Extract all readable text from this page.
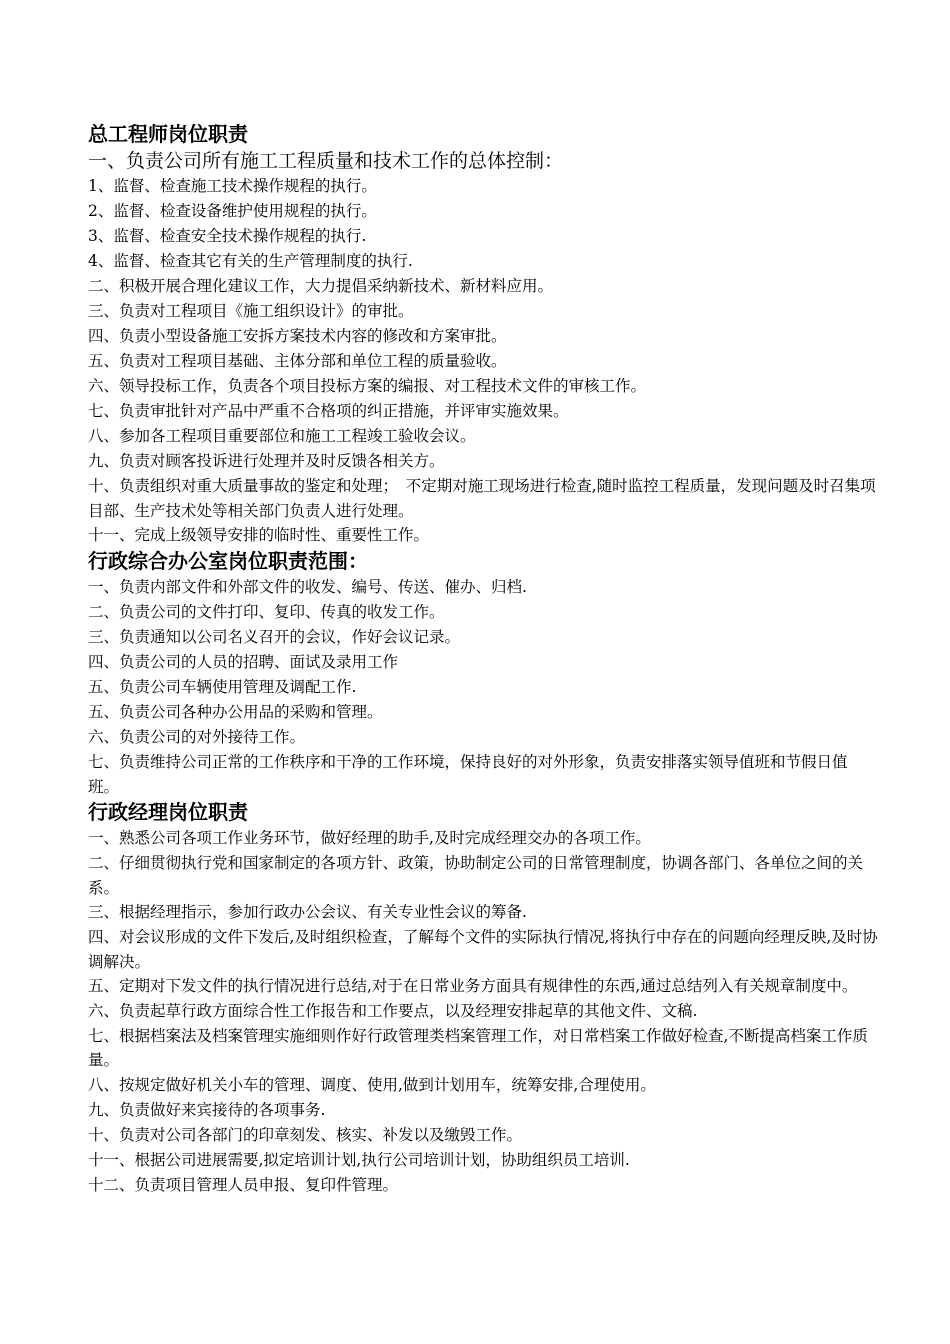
总工程师岗位职责

一、负责公司所有施工工程质量和技术工作的总体控制：

1、监督、检查施工技术操作规程的执行。

2、监督、检查设备维护使用规程的执行。

3、监督、检查安全技术操作规程的执行.

4、监督、检查其它有关的生产管理制度的执行.

二、积极开展合理化建议工作，大力提倡采纳新技术、新材料应用。

三、负责对工程项目《施工组织设计》的审批。

四、负责小型设备施工安拆方案技术内容的修改和方案审批。

五、负责对工程项目基础、主体分部和单位工程的质量验收。

六、领导投标工作，负责各个项目投标方案的编报、对工程技术文件的审核工作。

七、负责审批针对产品中严重不合格项的纠正措施，并评审实施效果。

八、参加各工程项目重要部位和施工工程竣工验收会议。

九、负责对顾客投诉进行处理并及时反馈各相关方。

十、负责组织对重大质量事故的鉴定和处理；　不定期对施工现场进行检查,随时监控工程质量，发现问题及时召集项目部、生产技术处等相关部门负责人进行处理。

十一、完成上级领导安排的临时性、重要性工作。

行政综合办公室岗位职责范围：

一、负责内部文件和外部文件的收发、编号、传送、催办、归档.

二、负责公司的文件打印、复印、传真的收发工作。

三、负责通知以公司名义召开的会议，作好会议记录。

四、负责公司的人员的招聘、面试及录用工作

五、负责公司车辆使用管理及调配工作.

五、负责公司各种办公用品的采购和管理。

六、负责公司的对外接待工作。

七、负责维持公司正常的工作秩序和干净的工作环境，保持良好的对外形象，负责安排落实领导值班和节假日值班。

行政经理岗位职责

一、熟悉公司各项工作业务环节，做好经理的助手,及时完成经理交办的各项工作。

二、仔细贯彻执行党和国家制定的各项方针、政策，协助制定公司的日常管理制度，协调各部门、各单位之间的关系。

三、根据经理指示，参加行政办公会议、有关专业性会议的筹备.

四、对会议形成的文件下发后,及时组织检查，了解每个文件的实际执行情况,将执行中存在的问题向经理反映,及时协调解决。

五、定期对下发文件的执行情况进行总结,对于在日常业务方面具有规律性的东西,通过总结列入有关规章制度中。

六、负责起草行政方面综合性工作报告和工作要点，以及经理安排起草的其他文件、文稿.

七、根据档案法及档案管理实施细则作好行政管理类档案管理工作，对日常档案工作做好检查,不断提高档案工作质量。

八、按规定做好机关小车的管理、调度、使用,做到计划用车，统筹安排,合理使用。

九、负责做好来宾接待的各项事务.

十、负责对公司各部门的印章刻发、核实、补发以及缴毁工作。

十一、根据公司进展需要,拟定培训计划,执行公司培训计划，协助组织员工培训.

十二、负责项目管理人员申报、复印件管理。
